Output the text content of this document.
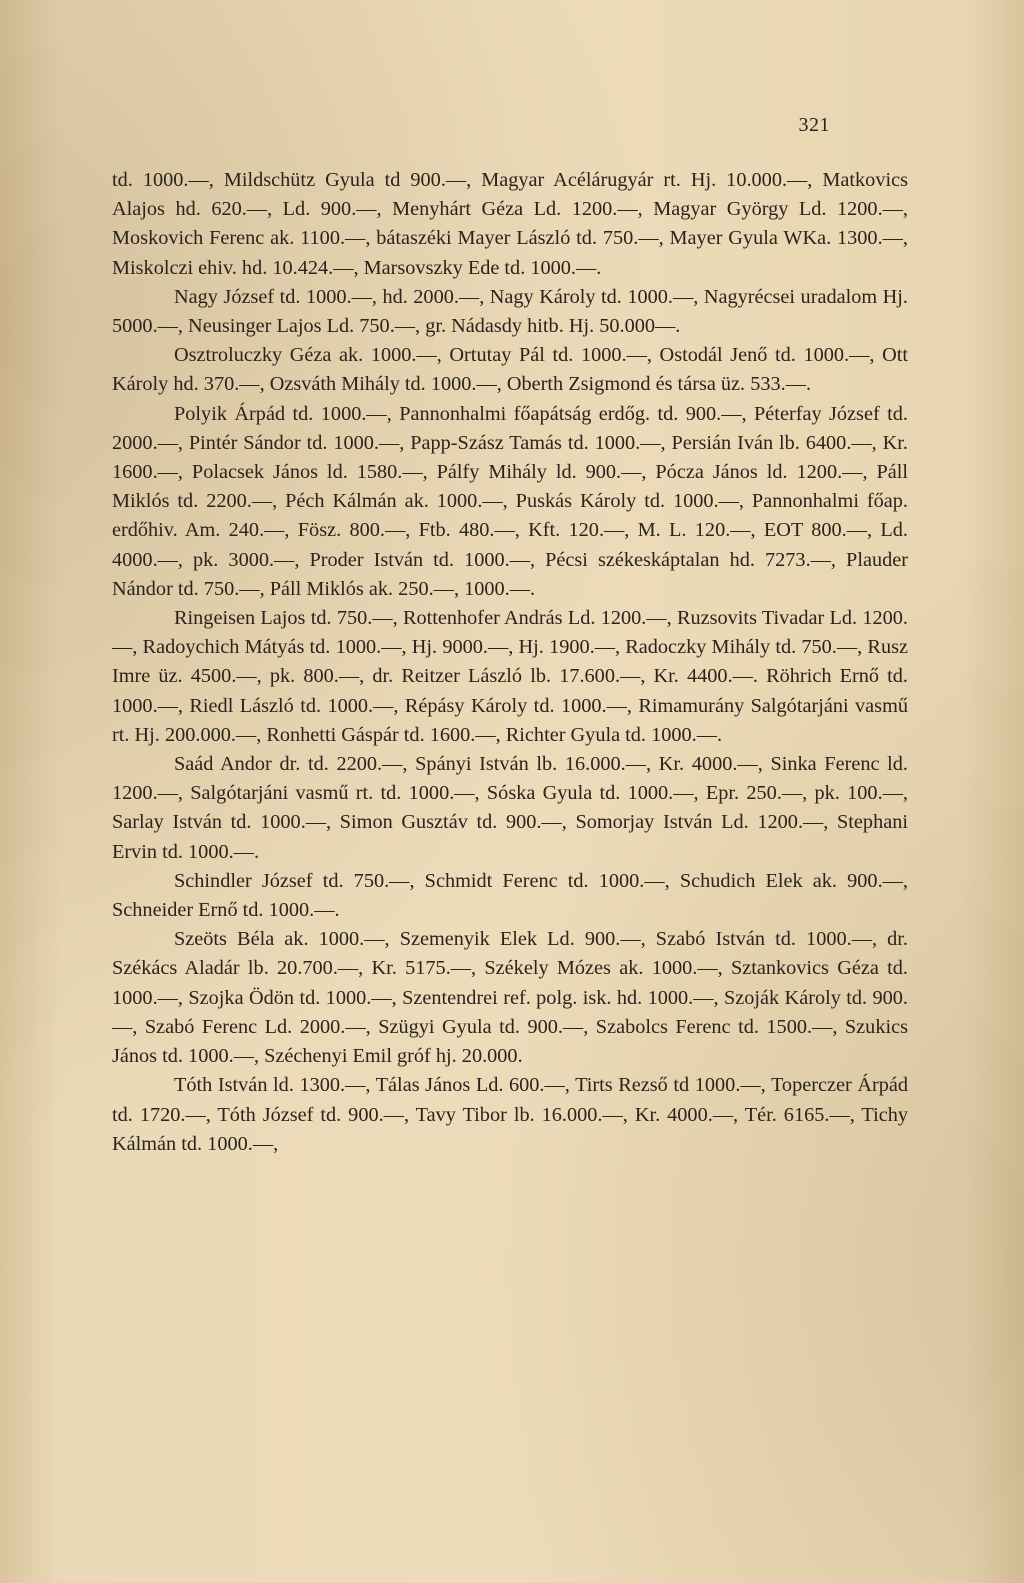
321

td. 1000.—, Mildschütz Gyula td 900.—, Magyar Acélárugyár rt. Hj. 10.000.—, Matkovics Alajos hd. 620.—, Ld. 900.—, Menyhárt Géza Ld. 1200.—, Magyar György Ld. 1200.—, Moskovich Ferenc ak. 1100.—, bátaszéki Mayer László td. 750.—, Mayer Gyula WKa. 1300.—, Miskolczi ehiv. hd. 10.424.—, Marsovszky Ede td. 1000.—.

Nagy József td. 1000.—, hd. 2000.—, Nagy Károly td. 1000.—, Nagyrécsei uradalom Hj. 5000.—, Neusinger Lajos Ld. 750.—, gr. Nádasdy hitb. Hj. 50.000—.

Osztroluczky Géza ak. 1000.—, Ortutay Pál td. 1000.—, Ostodál Jenő td. 1000.—, Ott Károly hd. 370.—, Ozsváth Mihály td. 1000.—, Oberth Zsigmond és társa üz. 533.—.

Polyik Árpád td. 1000.—, Pannonhalmi főapátság erdőg. td. 900.—, Péterfay József td. 2000.—, Pintér Sándor td. 1000.—, Papp-Szász Tamás td. 1000.—, Persián Iván lb. 6400.—, Kr. 1600.—, Polacsek János ld. 1580.—, Pálfy Mihály ld. 900.—, Pócza János ld. 1200.—, Páll Miklós td. 2200.—, Péch Kálmán ak. 1000.—, Puskás Károly td. 1000.—, Pannonhalmi főap. erdőhiv. Am. 240.—, Fösz. 800.—, Ftb. 480.—, Kft. 120.—, M. L. 120.—, EOT 800.—, Ld. 4000.—, pk. 3000.—, Proder István td. 1000.—, Pécsi székeskáptalan hd. 7273.—, Plauder Nándor td. 750.—, Páll Miklós ak. 250.—, 1000.—.

Ringeisen Lajos td. 750.—, Rottenhofer András Ld. 1200.—, Ruzsovits Tivadar Ld. 1200.—, Radoychich Mátyás td. 1000.—, Hj. 9000.—, Hj. 1900.—, Radoczky Mihály td. 750.—, Rusz Imre üz. 4500.—, pk. 800.—, dr. Reitzer László lb. 17.600.—, Kr. 4400.—. Röhrich Ernő td. 1000.—, Riedl László td. 1000.—, Répásy Károly td. 1000.—, Rimamurány Salgótarjáni vasmű rt. Hj. 200.000.—, Ronhetti Gáspár td. 1600.—, Richter Gyula td. 1000.—.

Saád Andor dr. td. 2200.—, Spányi István lb. 16.000.—, Kr. 4000.—, Sinka Ferenc ld. 1200.—, Salgótarjáni vasmű rt. td. 1000.—, Sóska Gyula td. 1000.—, Epr. 250.—, pk. 100.—, Sarlay István td. 1000.—, Simon Gusztáv td. 900.—, Somorjay István Ld. 1200.—, Stephani Ervin td. 1000.—.

Schindler József td. 750.—, Schmidt Ferenc td. 1000.—, Schudich Elek ak. 900.—, Schneider Ernő td. 1000.—.

Szeöts Béla ak. 1000.—, Szemenyik Elek Ld. 900.—, Szabó István td. 1000.—, dr. Székács Aladár lb. 20.700.—, Kr. 5175.—, Székely Mózes ak. 1000.—, Sztankovics Géza td. 1000.—, Szojka Ödön td. 1000.—, Szentendrei ref. polg. isk. hd. 1000.—, Szoják Károly td. 900.—, Szabó Ferenc Ld. 2000.—, Szügyi Gyula td. 900.—, Szabolcs Ferenc td. 1500.—, Szukics János td. 1000.—, Széchenyi Emil gróf hj. 20.000.

Tóth István ld. 1300.—, Tálas János Ld. 600.—, Tirts Rezső td 1000.—, Toperczer Árpád td. 1720.—, Tóth József td. 900.—, Tavy Tibor lb. 16.000.—, Kr. 4000.—, Tér. 6165.—, Tichy Kálmán td. 1000.—,
